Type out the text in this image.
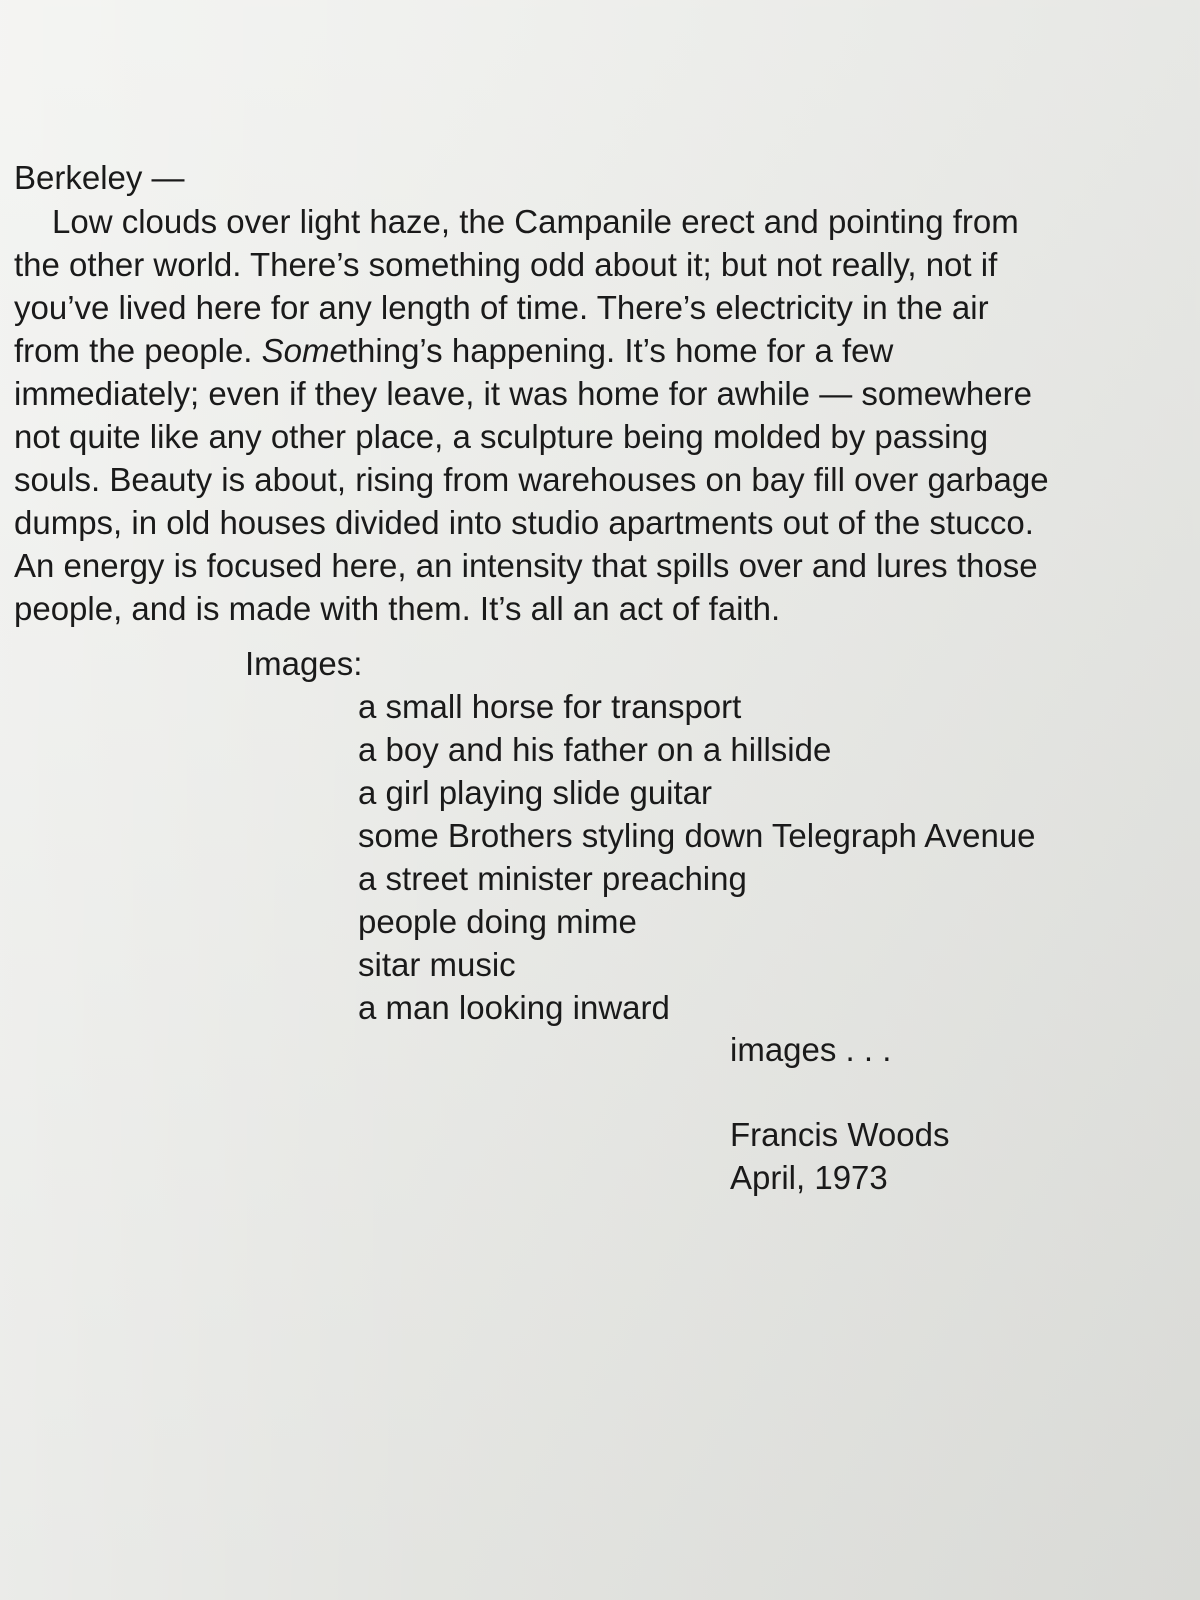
Berkeley —
Low clouds over light haze, the Campanile erect and pointing from
the other world. There’s something odd about it; but not really, not if
you’ve lived here for any length of time. There’s electricity in the air
from the people. Something’s happening. It’s home for a few
immediately; even if they leave, it was home for awhile — somewhere
not quite like any other place, a sculpture being molded by passing
souls. Beauty is about, rising from warehouses on bay fill over garbage
dumps, in old houses divided into studio apartments out of the stucco.
An energy is focused here, an intensity that spills over and lures those
people, and is made with them. It’s all an act of faith.
Images:
a small horse for transport
a boy and his father on a hillside
a girl playing slide guitar
some Brothers styling down Telegraph Avenue
a street minister preaching
people doing mime
sitar music
a man looking inward
images . . .
Francis Woods
April, 1973
